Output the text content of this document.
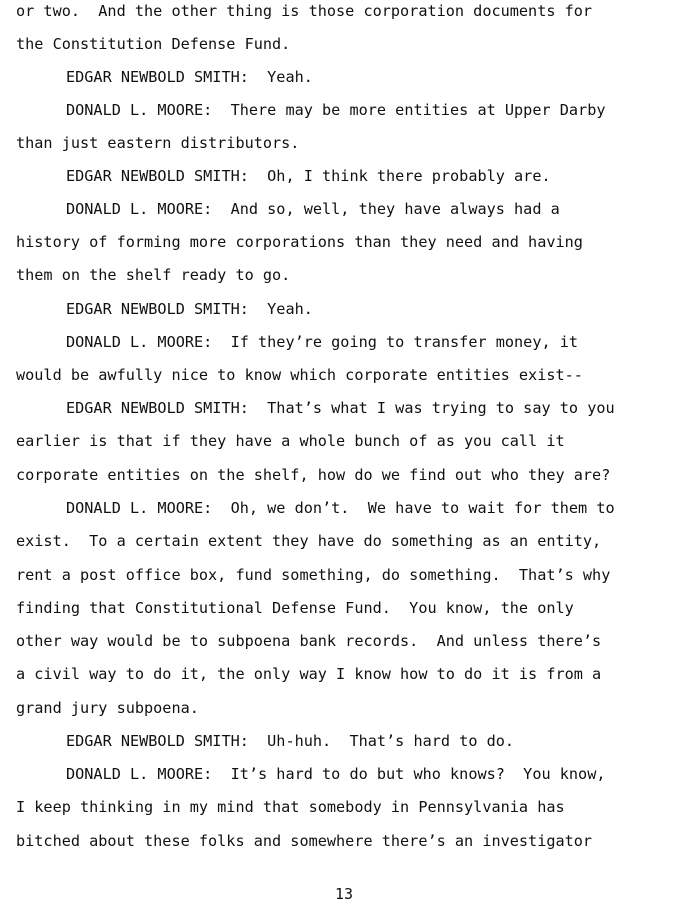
or two.  And the other thing is those corporation documents for

the Constitution Defense Fund.

EDGAR NEWBOLD SMITH:  Yeah.

DONALD L. MOORE:  There may be more entities at Upper Darby

than just eastern distributors.

EDGAR NEWBOLD SMITH:  Oh, I think there probably are.

DONALD L. MOORE:  And so, well, they have always had a

history of forming more corporations than they need and having

them on the shelf ready to go.

EDGAR NEWBOLD SMITH:  Yeah.

DONALD L. MOORE:  If they’re going to transfer money, it

would be awfully nice to know which corporate entities exist--

EDGAR NEWBOLD SMITH:  That’s what I was trying to say to you

earlier is that if they have a whole bunch of as you call it

corporate entities on the shelf, how do we find out who they are?

DONALD L. MOORE:  Oh, we don’t.  We have to wait for them to

exist.  To a certain extent they have do something as an entity,

rent a post office box, fund something, do something.  That’s why

finding that Constitutional Defense Fund.  You know, the only

other way would be to subpoena bank records.  And unless there’s

a civil way to do it, the only way I know how to do it is from a

grand jury subpoena.

EDGAR NEWBOLD SMITH:  Uh-huh.  That’s hard to do.

DONALD L. MOORE:  It’s hard to do but who knows?  You know,

I keep thinking in my mind that somebody in Pennsylvania has

bitched about these folks and somewhere there’s an investigator

13
